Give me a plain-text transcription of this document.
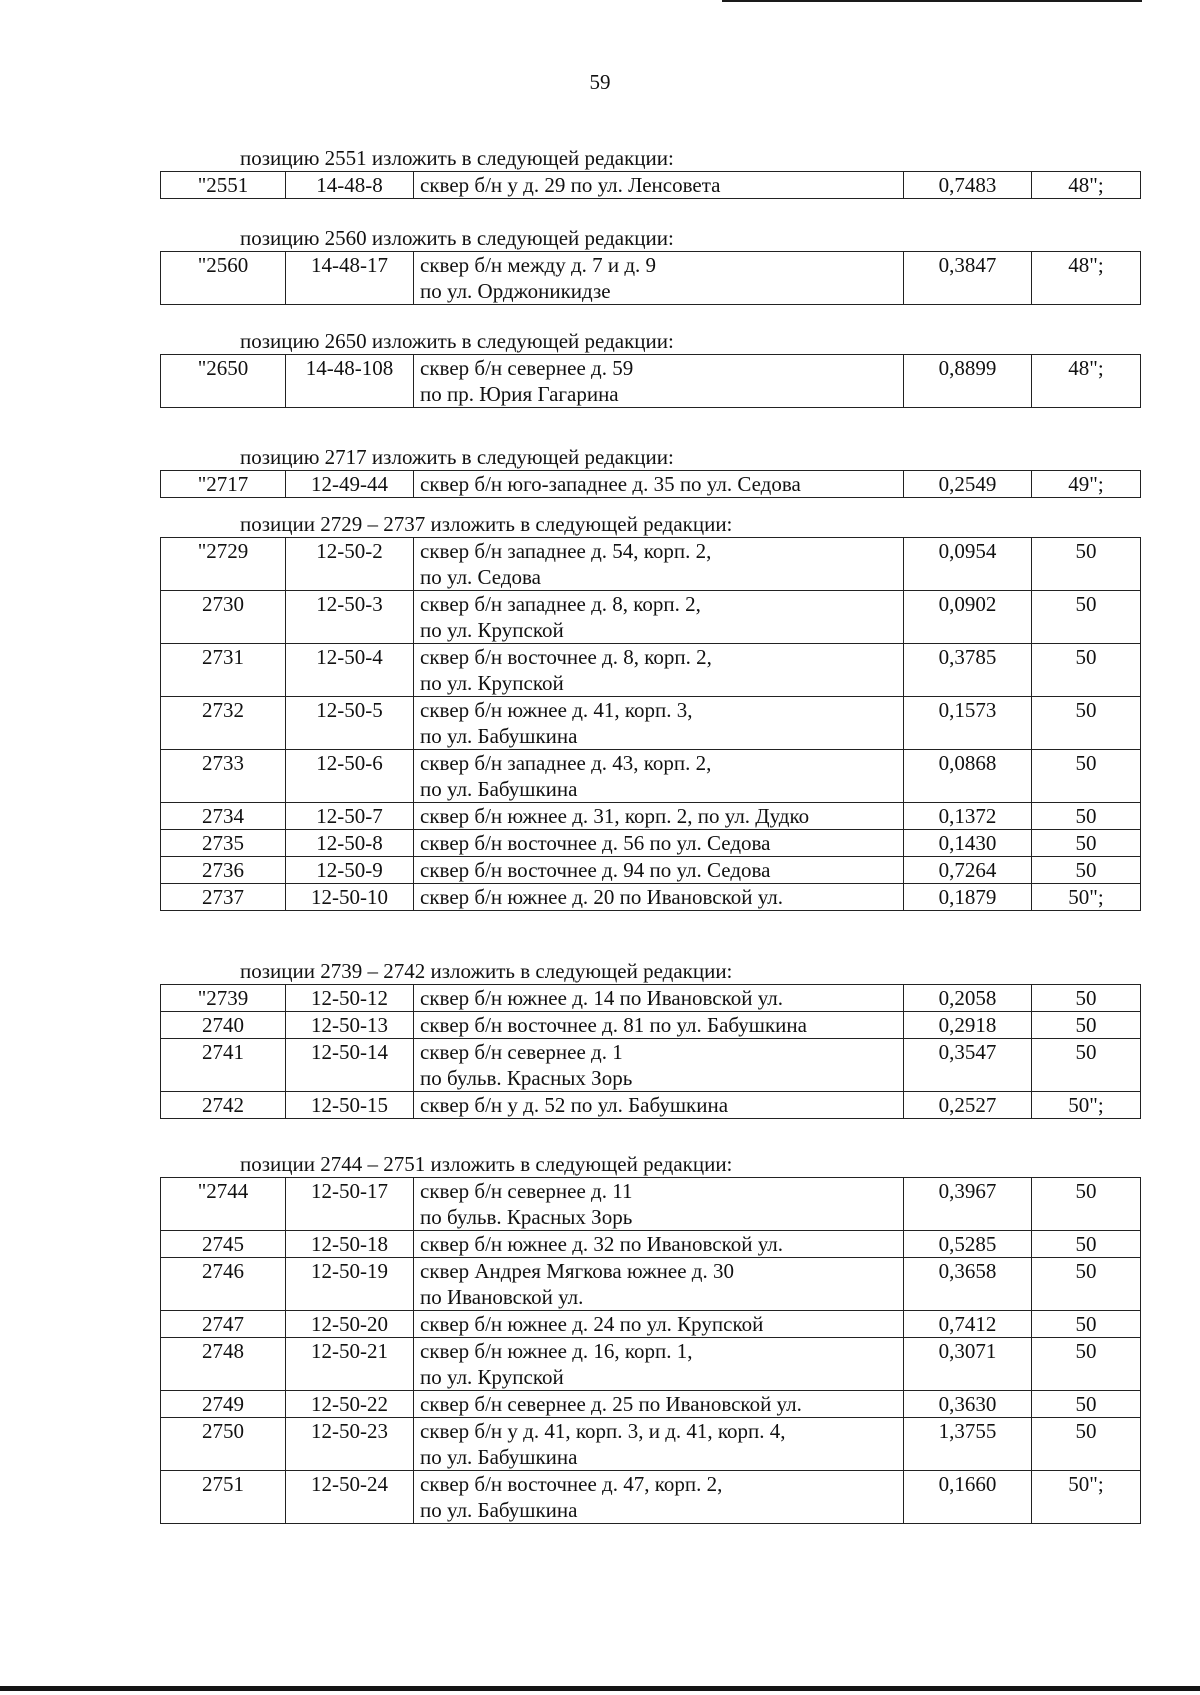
59
позицию 2551 изложить в следующей редакции:
"2551	14-48-8	сквер б/н у д. 29 по ул. Ленсовета	0,7483	48";
позицию 2560 изложить в следующей редакции:
"2560	14-48-17	сквер б/н между д. 7 и д. 9
по ул. Орджоникидзе
	0,3847	48";
позицию 2650 изложить в следующей редакции:
"2650	14-48-108	сквер б/н севернее д. 59
по пр. Юрия Гагарина
	0,8899	48";
позицию 2717 изложить в следующей редакции:
"2717	12-49-44	сквер б/н юго-западнее д. 35 по ул. Седова	0,2549	49";
позиции 2729 – 2737 изложить в следующей редакции:
"2729	12-50-2	сквер б/н западнее д. 54, корп. 2,
по ул. Седова	0,0954	50
2730	12-50-3	сквер б/н западнее д. 8, корп. 2,
по ул. Крупской	0,0902	50
2731	12-50-4	сквер б/н восточнее д. 8, корп. 2,
по ул. Крупской	0,3785	50
2732	12-50-5	сквер б/н южнее д. 41, корп. 3,
по ул. Бабушкина	0,1573	50
2733	12-50-6	сквер б/н западнее д. 43, корп. 2,
по ул. Бабушкина	0,0868	50
2734	12-50-7	сквер б/н южнее д. 31, корп. 2, по ул. Дудко	0,1372	50
2735	12-50-8	сквер б/н восточнее д. 56 по ул. Седова	0,1430	50
2736	12-50-9	сквер б/н восточнее д. 94 по ул. Седова	0,7264	50
2737	12-50-10	сквер б/н южнее д. 20 по Ивановской ул.	0,1879	50";
позиции 2739 – 2742 изложить в следующей редакции:
"2739	12-50-12	сквер б/н южнее д. 14 по Ивановской ул.	0,2058	50
2740	12-50-13	сквер б/н восточнее д. 81 по ул. Бабушкина	0,2918	50
2741	12-50-14	сквер б/н севернее д. 1
по бульв. Красных Зорь	0,3547	50
2742	12-50-15	сквер б/н у д. 52 по ул. Бабушкина	0,2527	50";
позиции 2744 – 2751 изложить в следующей редакции:
"2744	12-50-17	сквер б/н севернее д. 11
по бульв. Красных Зорь	0,3967	50
2745	12-50-18	сквер б/н южнее д. 32 по Ивановской ул.	0,5285	50
2746	12-50-19	сквер Андрея Мягкова южнее д. 30
по Ивановской ул.	0,3658	50
2747	12-50-20	сквер б/н южнее д. 24 по ул. Крупской	0,7412	50
2748	12-50-21	сквер б/н южнее д. 16, корп. 1,
по ул. Крупской	0,3071	50
2749	12-50-22	сквер б/н севернее д. 25 по Ивановской ул.	0,3630	50
2750	12-50-23	сквер б/н у д. 41, корп. 3, и д. 41, корп. 4,
по ул. Бабушкина	1,3755	50
2751	12-50-24	сквер б/н восточнее д. 47, корп. 2,
по ул. Бабушкина	0,1660	50";
